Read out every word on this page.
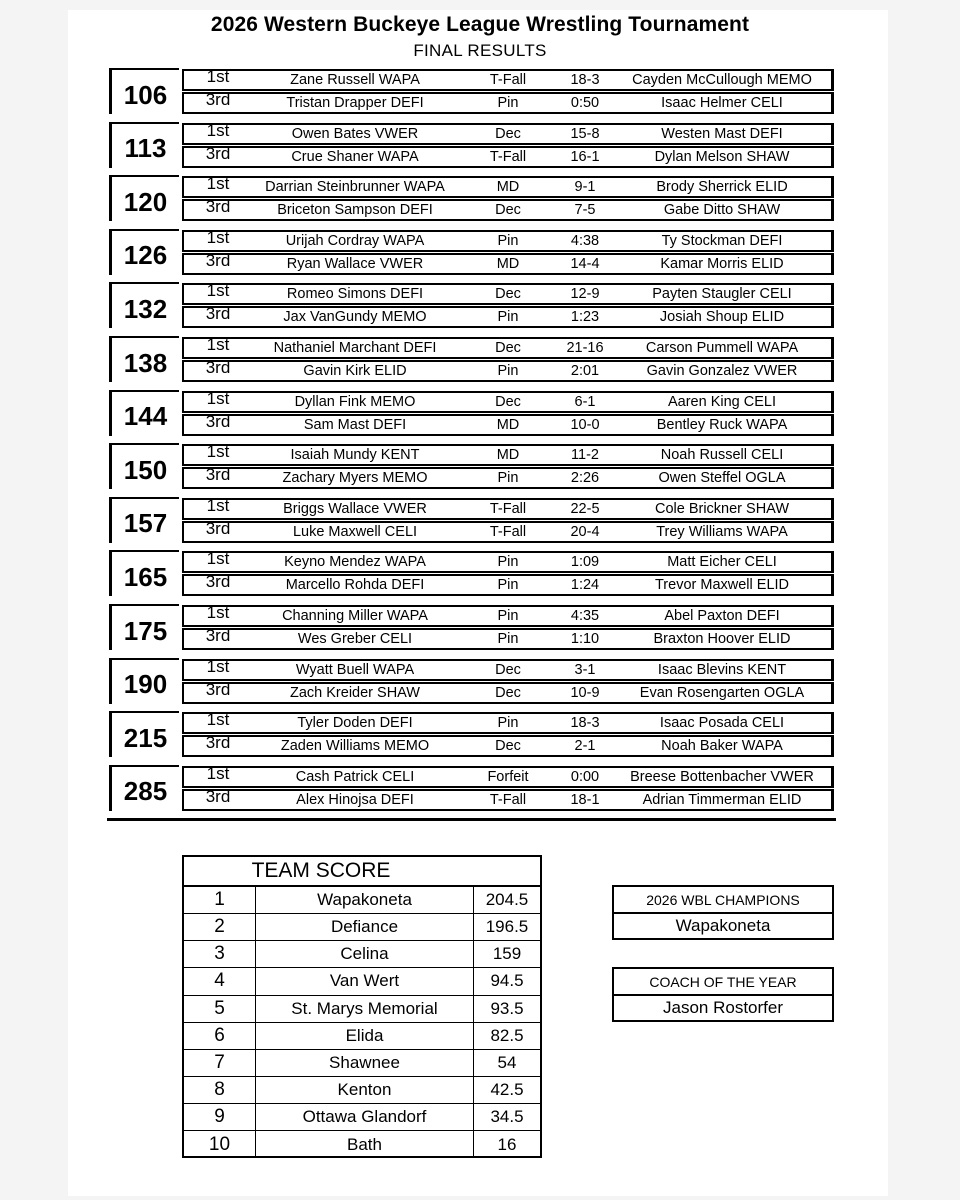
2026 Western Buckeye League Wrestling Tournament
FINAL RESULTS
106
1st	Zane Russell WAPA	T-Fall	18-3	Cayden McCullough MEMO
3rd	Tristan Drapper DEFI	Pin	0:50	Isaac Helmer CELI
113
1st	Owen Bates VWER	Dec	15-8	Westen Mast DEFI
3rd	Crue Shaner WAPA	T-Fall	16-1	Dylan Melson SHAW
120
1st	Darrian Steinbrunner WAPA	MD	9-1	Brody Sherrick ELID
3rd	Briceton Sampson DEFI	Dec	7-5	Gabe Ditto SHAW
126
1st	Urijah Cordray WAPA	Pin	4:38	Ty Stockman DEFI
3rd	Ryan Wallace VWER	MD	14-4	Kamar Morris ELID
132
1st	Romeo Simons DEFI	Dec	12-9	Payten Staugler CELI
3rd	Jax VanGundy MEMO	Pin	1:23	Josiah Shoup ELID
138
1st	Nathaniel Marchant DEFI	Dec	21-16	Carson Pummell WAPA
3rd	Gavin Kirk ELID	Pin	2:01	Gavin Gonzalez VWER
144
1st	Dyllan Fink MEMO	Dec	6-1	Aaren King CELI
3rd	Sam Mast DEFI	MD	10-0	Bentley Ruck WAPA
150
1st	Isaiah Mundy KENT	MD	11-2	Noah Russell CELI
3rd	Zachary Myers MEMO	Pin	2:26	Owen Steffel OGLA
157
1st	Briggs Wallace VWER	T-Fall	22-5	Cole Brickner SHAW
3rd	Luke Maxwell CELI	T-Fall	20-4	Trey Williams WAPA
165
1st	Keyno Mendez WAPA	Pin	1:09	Matt Eicher CELI
3rd	Marcello Rohda DEFI	Pin	1:24	Trevor Maxwell ELID
175
1st	Channing Miller WAPA	Pin	4:35	Abel Paxton DEFI
3rd	Wes Greber CELI	Pin	1:10	Braxton Hoover ELID
190
1st	Wyatt Buell WAPA	Dec	3-1	Isaac Blevins KENT
3rd	Zach Kreider SHAW	Dec	10-9	Evan Rosengarten OGLA
215
1st	Tyler Doden DEFI	Pin	18-3	Isaac Posada CELI
3rd	Zaden Williams MEMO	Dec	2-1	Noah Baker WAPA
285
1st	Cash Patrick CELI	Forfeit	0:00	Breese Bottenbacher VWER
3rd	Alex Hinojsa DEFI	T-Fall	18-1	Adrian Timmerman ELID
TEAM SCORE
1	Wapakoneta	204.5
2	Defiance	196.5
3	Celina	159
4	Van Wert	94.5
5	St. Marys Memorial	93.5
6	Elida	82.5
7	Shawnee	54
8	Kenton	42.5
9	Ottawa Glandorf	34.5
10	Bath	16
2026 WBL CHAMPIONS
Wapakoneta
COACH OF THE YEAR
Jason Rostorfer
